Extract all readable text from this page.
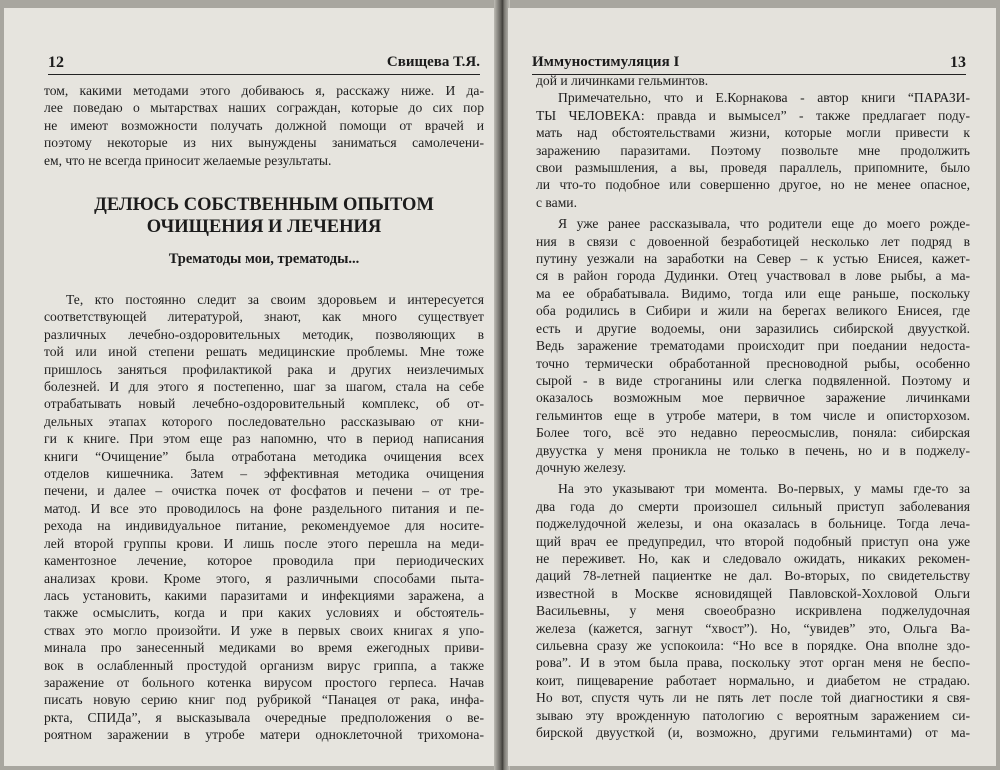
12	Свищева Т.Я.
том, какими методами этого добиваюсь я, расскажу ниже. И да-
лее поведаю о мытарствах наших сограждан, которые до сих пор
не имеют возможности получать должной помощи от врачей и
поэтому некоторые из них вынуждены заниматься самолечени-
ем, что не всегда приносит желаемые результаты.
ДЕЛЮСЬ СОБСТВЕННЫМ ОПЫТОМ
ОЧИЩЕНИЯ И ЛЕЧЕНИЯ
Трематоды мои, трематоды...
Те, кто постоянно следит за своим здоровьем и интересуется
соответствующей литературой, знают, как много существует
различных лечебно-оздоровительных методик, позволяющих в
той или иной степени решать медицинские проблемы. Мне тоже
пришлось заняться профилактикой рака и других неизлечимых
болезней. И для этого я постепенно, шаг за шагом, стала на себе
отрабатывать новый лечебно-оздоровительный комплекс, об от-
дельных этапах которого последовательно рассказываю от кни-
ги к книге. При этом еще раз напомню, что в период написания
книги “Очищение” была отработана методика очищения всех
отделов кишечника. Затем – эффективная методика очищения
печени, и далее – очистка почек от фосфатов и печени – от тре-
матод. И все это проводилось на фоне раздельного питания и пе-
рехода на индивидуальное питание, рекомендуемое для носите-
лей второй группы крови. И лишь после этого перешла на меди-
каментозное лечение, которое проводила при периодических
анализах крови. Кроме этого, я различными способами пыта-
лась установить, какими паразитами и инфекциями заражена, а
также осмыслить, когда и при каких условиях и обстоятель-
ствах это могло произойти. И уже в первых своих книгах я упо-
минала про занесенный медиками во время ежегодных приви-
вок в ослабленный простудой организм вирус гриппа, а также
заражение от больного котенка вирусом простого герпеса. Начав
писать новую серию книг под рубрикой “Панацея от рака, инфа-
ркта, СПИДа”, я высказывала очередные предположения о ве-
роятном заражении в утробе матери одноклеточной трихомона-
Иммуностимуляция I	13
дой и личинками гельминтов.
Примечательно, что и Е.Корнакова - автор книги “ПАРАЗИ-
ТЫ ЧЕЛОВЕКА: правда и вымысел” - также предлагает поду-
мать над обстоятельствами жизни, которые могли привести к
заражению паразитами. Поэтому позвольте мне продолжить
свои размышления, а вы, проведя параллель, припомните, было
ли что-то подобное или совершенно другое, но не менее опасное,
с вами.
Я уже ранее рассказывала, что родители еще до моего рожде-
ния в связи с довоенной безработицей несколько лет подряд в
путину уезжали на заработки на Север – к устью Енисея, кажет-
ся в район города Дудинки. Отец участвовал в лове рыбы, а ма-
ма ее обрабатывала. Видимо, тогда или еще раньше, поскольку
оба родились в Сибири и жили на берегах великого Енисея, где
есть и другие водоемы, они заразились сибирской двуусткой.
Ведь заражение трематодами происходит при поедании недоста-
точно термически обработанной пресноводной рыбы, особенно
сырой - в виде строганины или слегка подвяленной. Поэтому и
оказалось возможным мое первичное заражение личинками
гельминтов еще в утробе матери, в том числе и описторхозом.
Более того, всё это недавно переосмыслив, поняла: сибирская
двуустка у меня проникла не только в печень, но и в поджелу-
дочную железу.
На это указывают три момента. Во-первых, у мамы где-то за
два года до смерти произошел сильный приступ заболевания
поджелудочной железы, и она оказалась в больнице. Тогда леча-
щий врач ее предупредил, что второй подобный приступ она уже
не переживет. Но, как и следовало ожидать, никаких рекомен-
даций 78-летней пациентке не дал. Во-вторых, по свидетельству
известной в Москве ясновидящей Павловской-Хохловой Ольги
Васильевны, у меня своеобразно искривлена поджелудочная
железа (кажется, загнут “хвост”). Но, “увидев” это, Ольга Ва-
сильевна сразу же успокоила: “Но все в порядке. Она вполне здо-
рова”. И в этом была права, поскольку этот орган меня не беспо-
коит, пищеварение работает нормально, и диабетом не страдаю.
Но вот, спустя чуть ли не пять лет после той диагностики я свя-
зываю эту врожденную патологию с вероятным заражением си-
бирской двуусткой (и, возможно, другими гельминтами) от ма-
